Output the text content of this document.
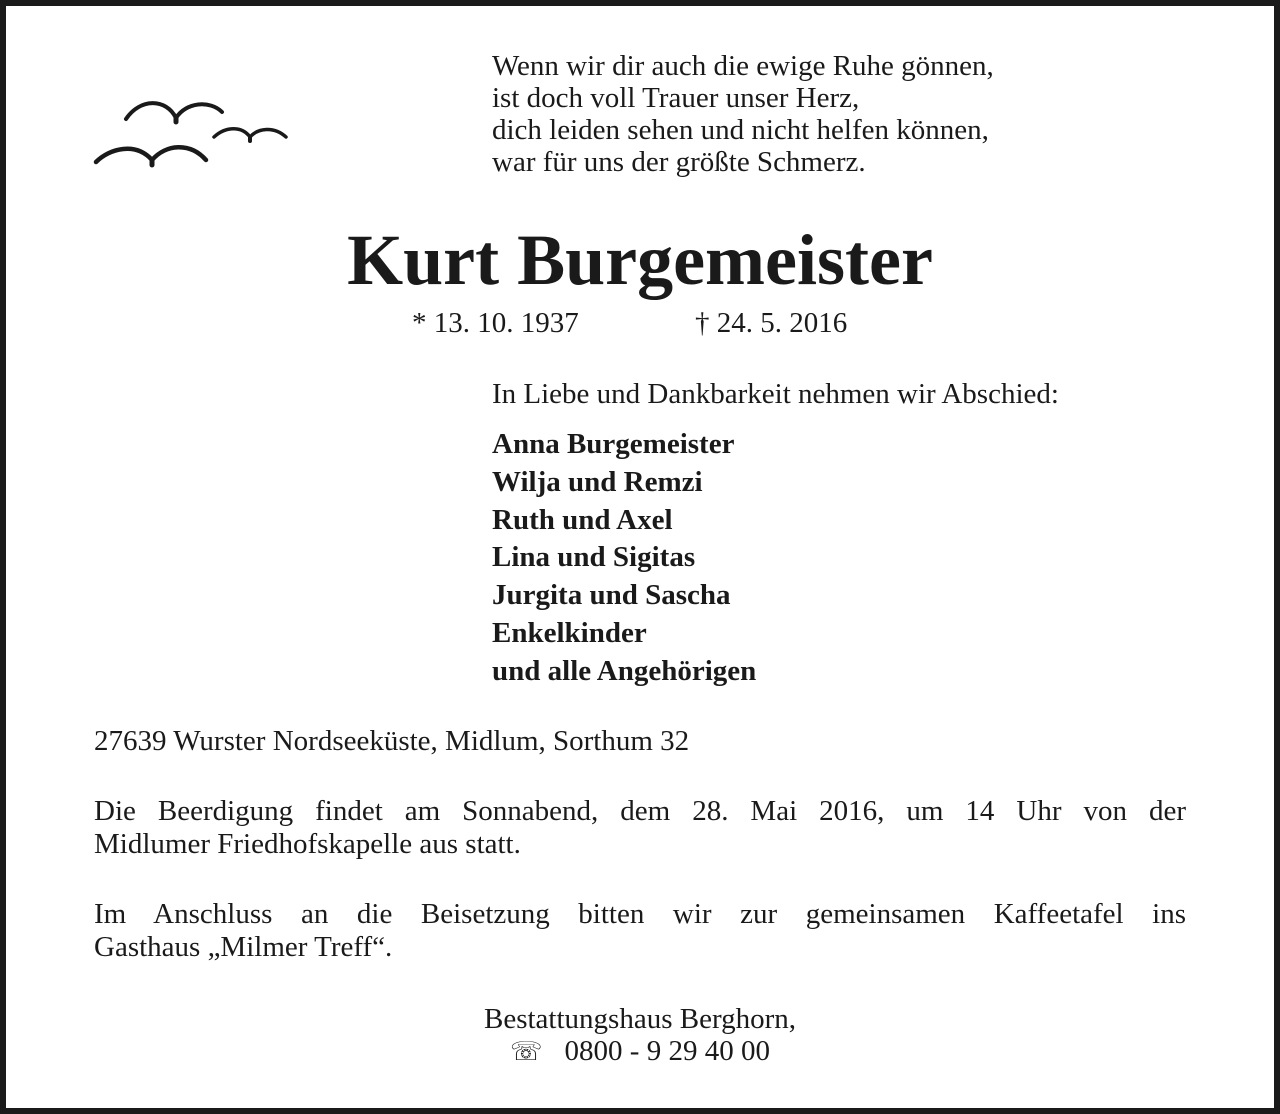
Wenn wir dir auch die ewige Ruhe gönnen,
ist doch voll Trauer unser Herz,
dich leiden sehen und nicht helfen können,
war für uns der größte Schmerz.
Kurt Burgemeister
* 13. 10. 1937	† 24. 5. 2016
In Liebe und Dankbarkeit nehmen wir Abschied:
Anna Burgemeister
Wilja und Remzi
Ruth und Axel
Lina und Sigitas
Jurgita und Sascha
Enkelkinder
und alle Angehörigen
27639 Wurster Nordseeküste, Midlum, Sorthum 32
Die Beerdigung findet am Sonnabend, dem 28. Mai 2016, um 14 Uhr von der
Midlumer Friedhofskapelle aus statt.
Im Anschluss an die Beisetzung bitten wir zur gemeinsamen Kaffeetafel ins
Gasthaus „Milmer Treff“.
Bestattungshaus Berghorn,
☏ 0800 - 9 29 40 00
